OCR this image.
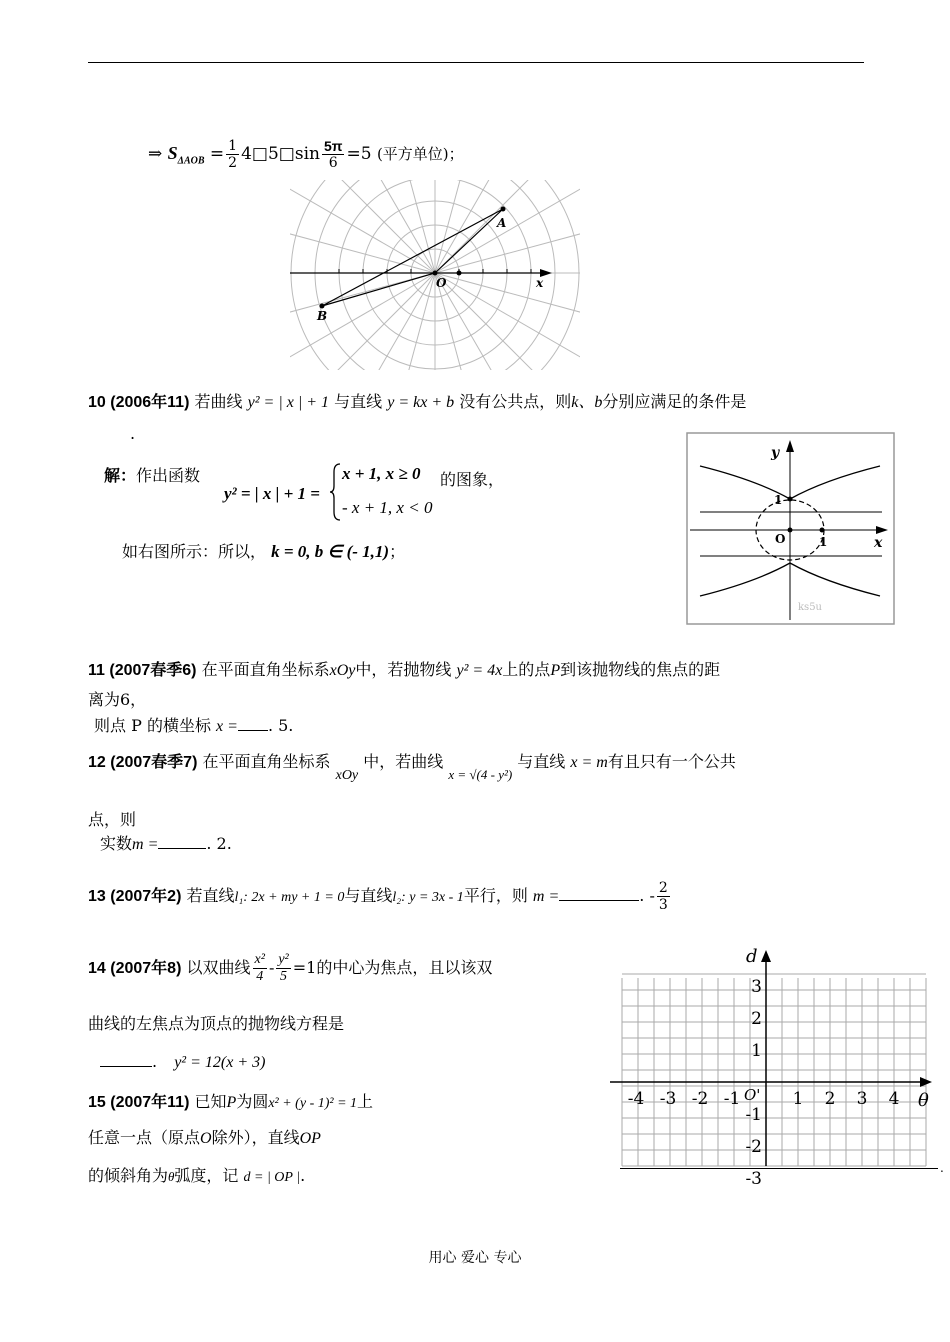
⇒ $S_{\Delta AOB} = \frac{1}{2}$ 4□5□sin $\frac{5\pi}{6} =5$ (平方单位)；
A
B
O	x
10 (2006年11) 若曲线 y² = | x | + 1 与直线 y = kx + b 没有公共点，则k、b分别应满足的条件是
.
解：作出函数
y² = | x | + 1 =
x + 1, x ≥ 0
- x + 1, x < 0
的图象，
如右图所示：所以， k = 0, b ∈ (- 1,1)；
y
x
1
1
O
ks5u
11 (2007春季6) 在平面直角坐标系xOy中，若抛物线 y² = 4x上的点P到该抛物线的焦点的距
离为6，
则点 P 的横坐标 x = . 5.
12 (2007春季7) 在平面直角坐标系 xOy 中，若曲线 $_{x = √(4 - y^2)}$ 与直线 x = m有且只有一个公共
点，则
实数m =	. 2.
13 (2007年2) 若直线l₁: 2x + my + 1 = 0与直线l₂: y = 3x - 1平行，则 m =	. - $\frac{2}{3}$
14 (2007年8) 以双曲线 $\frac{\text{x²}}{4} - \frac{\text{y²}}{5} =1$的中心为焦点，且以该双
曲线的左焦点为顶点的抛物线方程是
. y² = 12(x + 3)
15 (2007年11) 已知P为圆x² + (y - 1)² = 1上
任意一点（原点O除外），直线OP
的倾斜角为θ弧度，记 d = | OP |.
d
θ
O'
-4 -3 -2 -1	1 2 3 4
3
2
1
-1
-2
-3
.
用心 爱心 专心
